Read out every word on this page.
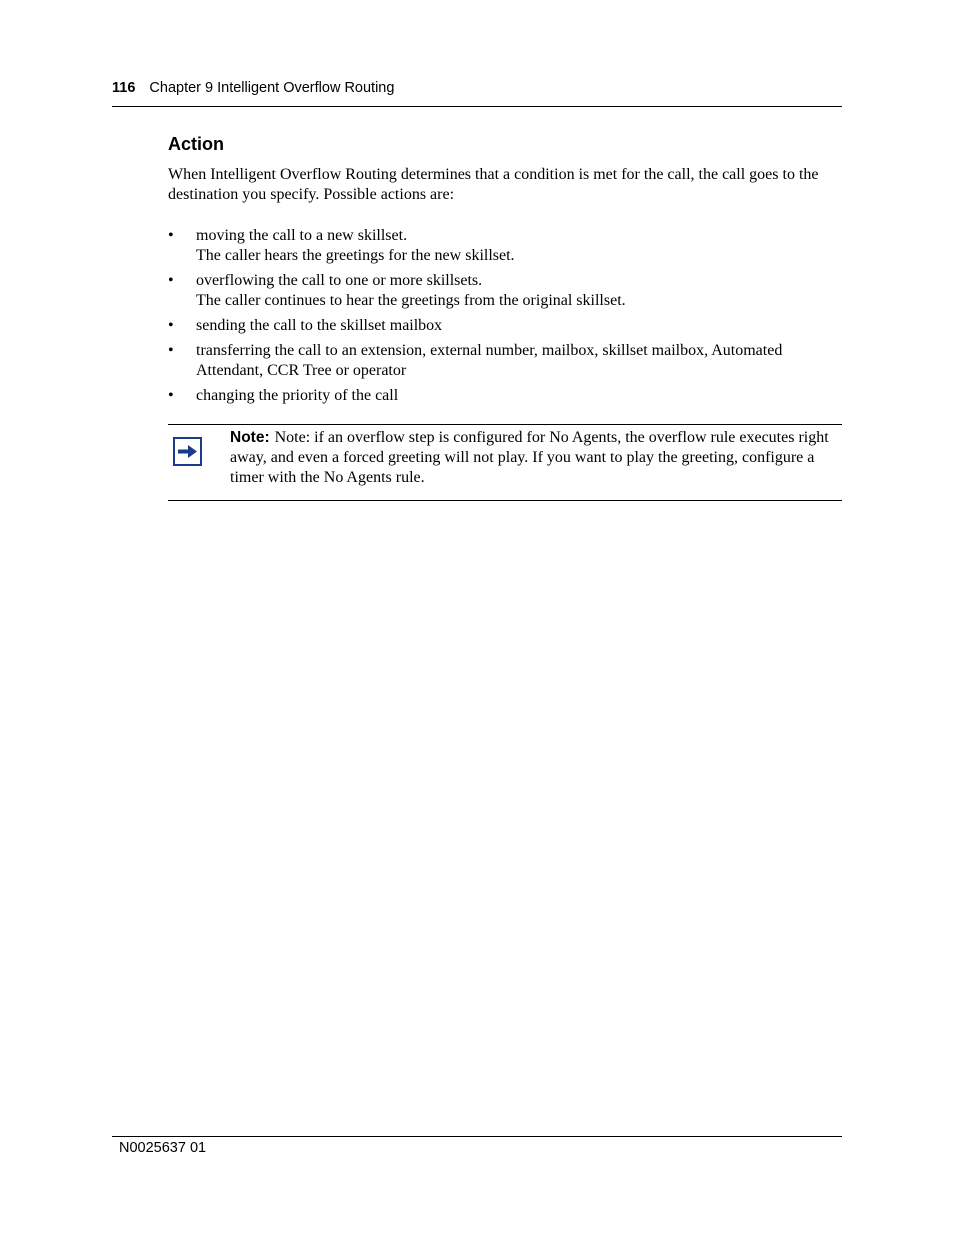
116 Chapter 9 Intelligent Overflow Routing
Action

When Intelligent Overflow Routing determines that a condition is met for the call, the call goes to the destination you specify. Possible actions are:

• moving the call to a new skillset.
The caller hears the greetings for the new skillset.
• overflowing the call to one or more skillsets.
The caller continues to hear the greetings from the original skillset.
• sending the call to the skillset mailbox
• transferring the call to an extension, external number, mailbox, skillset mailbox, Automated Attendant, CCR Tree or operator
• changing the priority of the call

Note: Note: if an overflow step is configured for No Agents, the overflow rule executes right away, and even a forced greeting will not play. If you want to play the greeting, configure a timer with the No Agents rule.

N0025637 01
